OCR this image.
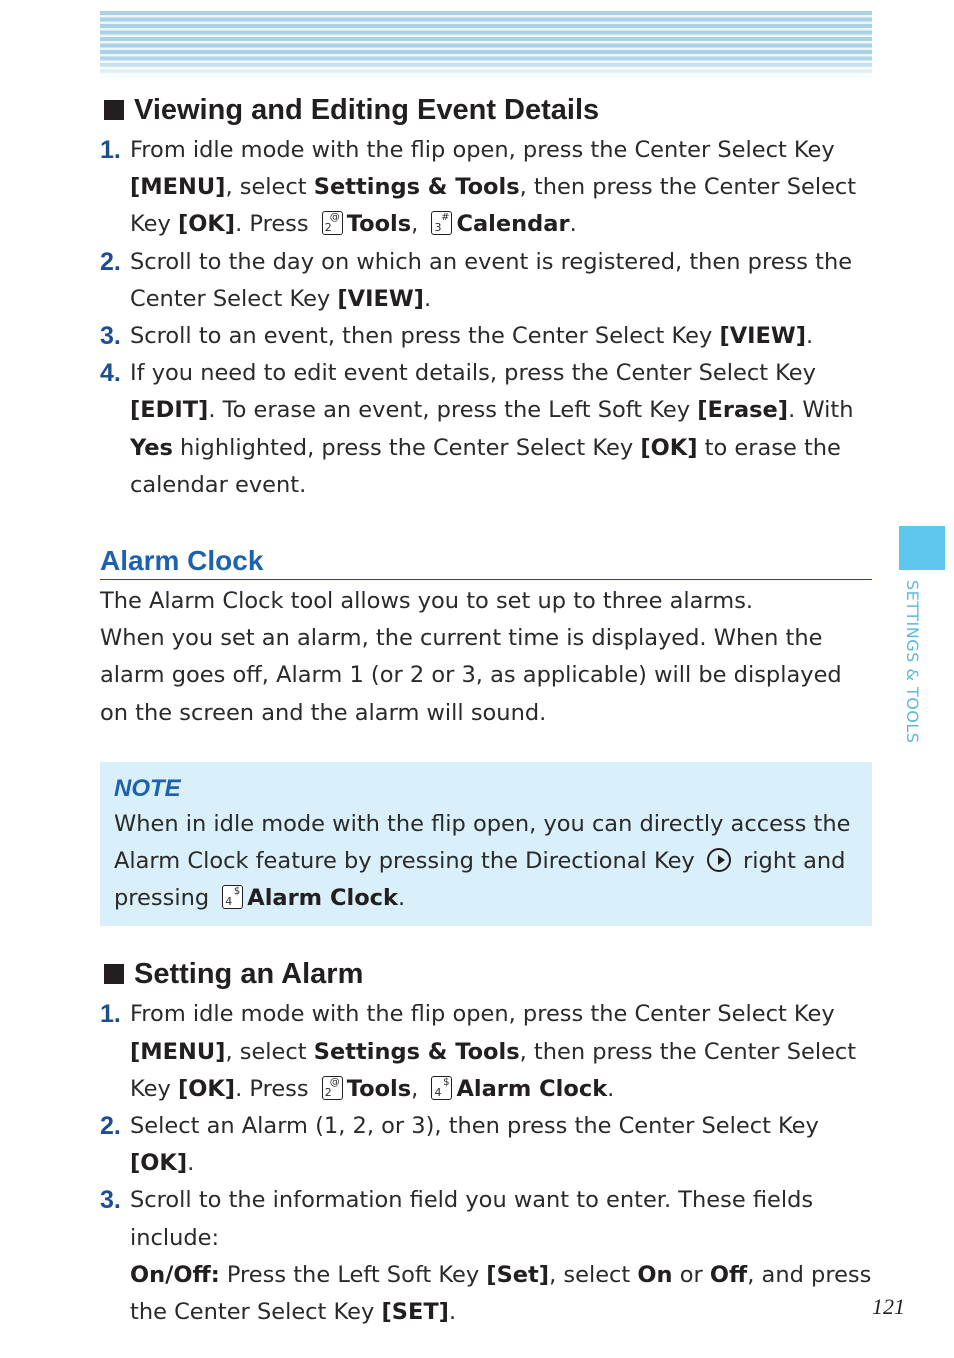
Viewing and Editing Event Details
1. From idle mode with the flip open, press the Center Select Key [MENU], select Settings & Tools, then press the Center Select Key [OK]. Press @
2 Tools, #
3 Calendar.
2. Scroll to the day on which an event is registered, then press the Center Select Key [VIEW].
3. Scroll to an event, then press the Center Select Key [VIEW].
4. If you need to edit event details, press the Center Select Key [EDIT]. To erase an event, press the Left Soft Key [Erase]. With Yes highlighted, press the Center Select Key [OK] to erase the calendar event.
Alarm Clock

The Alarm Clock tool allows you to set up to three alarms.

When you set an alarm, the current time is displayed. When the alarm goes off, Alarm 1 (or 2 or 3, as applicable) will be displayed on the screen and the alarm will sound.

NOTE
When in idle mode with the flip open, you can directly access the Alarm Clock feature by pressing the Directional Key  right and pressing $
4 Alarm Clock.
Setting an Alarm
1. From idle mode with the flip open, press the Center Select Key [MENU], select Settings & Tools, then press the Center Select Key [OK]. Press @
2 Tools, $
4 Alarm Clock.
2. Select an Alarm (1, 2, or 3), then press the Center Select Key [OK].
3. Scroll to the information field you want to enter. These fields include:
On/Off: Press the Left Soft Key [Set], select On or Off, and press the Center Select Key [SET].
SETTINGS & TOOLS
121
